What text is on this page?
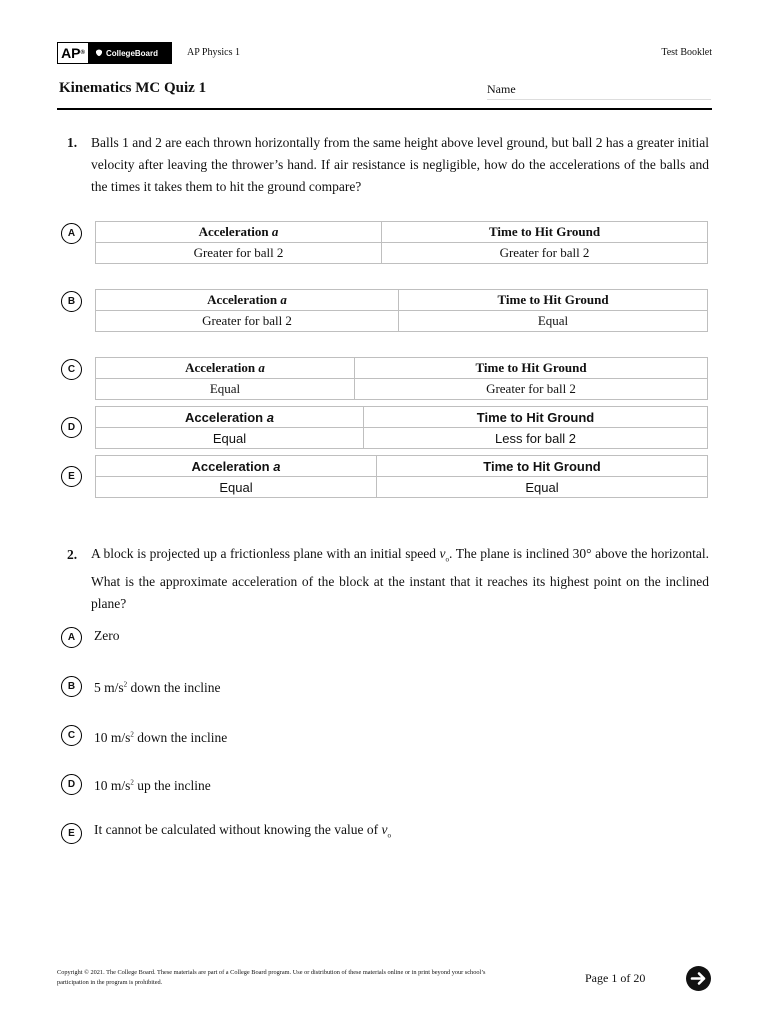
AP ®	CollegeBoard	AP Physics 1	Test Booklet
Kinematics MC Quiz 1	Name
1. Balls 1 and 2 are each thrown horizontally from the same height above level ground, but ball 2 has a greater initial velocity after leaving the thrower’s hand. If air resistance is negligible, how do the accelerations of the balls and the times it takes them to hit the ground compare?
A	Acceleration a	Time to Hit Ground
Greater for ball 2	Greater for ball 2
B	Acceleration a	Time to Hit Ground
Greater for ball 2	Equal
C	Acceleration a	Time to Hit Ground
Equal	Greater for ball 2
D
Acceleration a	Time to Hit Ground
Equal	Less for ball 2
E
Acceleration a	Time to Hit Ground
Equal	Equal
2. A block is projected up a frictionless plane with an initial speed $v_o$. The plane is inclined 30° above the horizontal. What is the approximate acceleration of the block at the instant that it reaches its highest point on the inclined plane?
A Zero
B 5 $m/s^2$ down the incline
C 10 $m/s^2$ down the incline
D 10 $m/s^2$ up the incline
E It cannot be calculated without knowing the value of $v_o$
Copyright © 2021. The College Board. These materials are part of a College Board program. Use or distribution of these materials online or in print beyond your school’s participation in the program is prohibited.	Page 1 of 20
